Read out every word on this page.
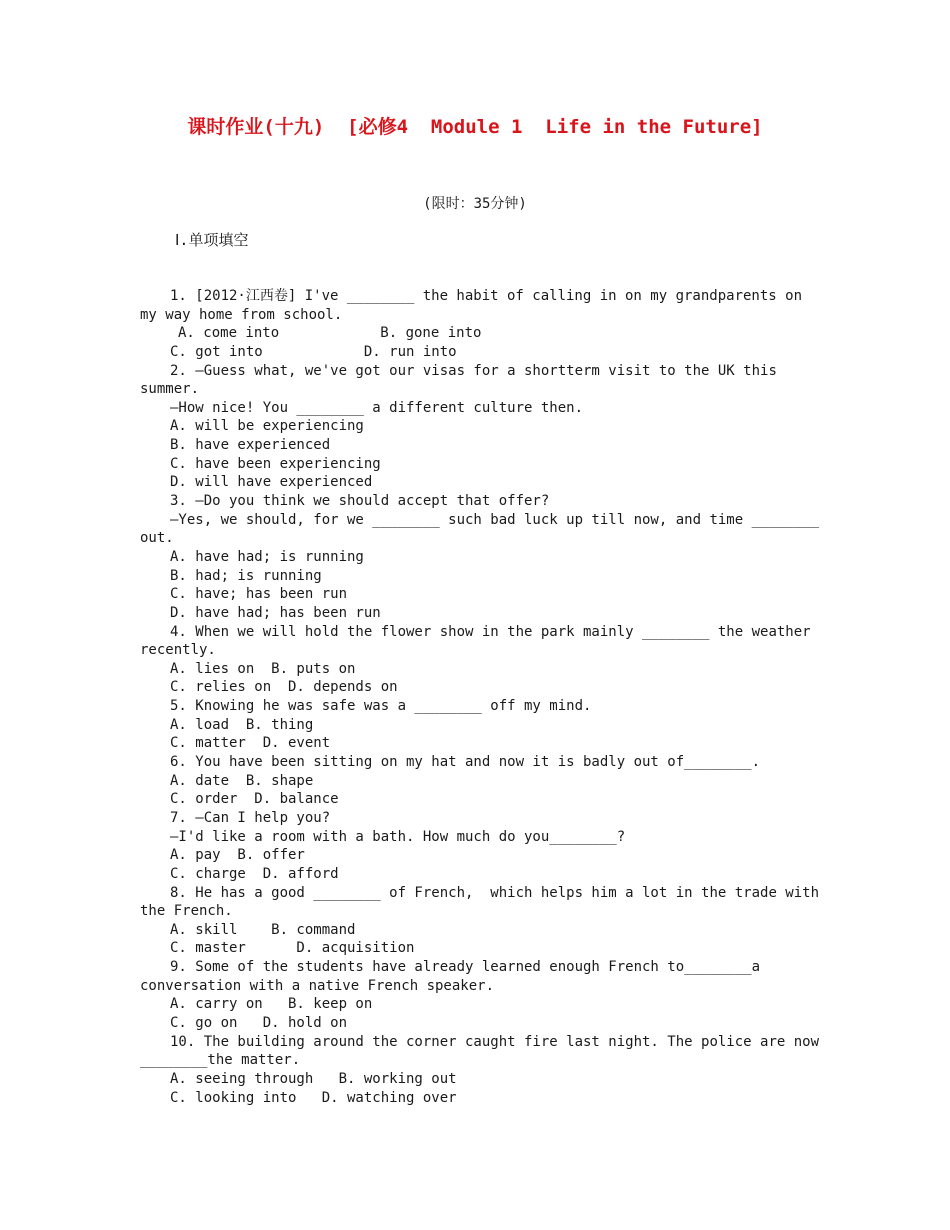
课时作业(十九)  [必修4  Module 1  Life in the Future]
(限时：35分钟)
Ⅰ.单项填空
1. [2012·江西卷] I've ________ the habit of calling in on my grandparents on
my way home from school.
A. come into            B. gone into
C. got into            D. run into
2. —Guess what, we've got our visas for a shortterm visit to the UK this
summer.
—How nice! You ________ a different culture then.
A. will be experiencing
B. have experienced
C. have been experiencing
D. will have experienced
3. —Do you think we should accept that offer?
—Yes, we should, for we ________ such bad luck up till now, and time ________
out.
A. have had; is running
B. had; is running
C. have; has been run
D. have had; has been run
4. When we will hold the flower show in the park mainly ________ the weather
recently.
A. lies on  B. puts on
C. relies on  D. depends on
5. Knowing he was safe was a ________ off my mind.
A. load  B. thing
C. matter  D. event
6. You have been sitting on my hat and now it is badly out of________.
A. date  B. shape
C. order  D. balance
7. —Can I help you?
—I'd like a room with a bath. How much do you________?
A. pay  B. offer
C. charge  D. afford
8. He has a good ________ of French,  which helps him a lot in the trade with
the French.
A. skill    B. command
C. master      D. acquisition
9. Some of the students have already learned enough French to________a
conversation with a native French speaker.
A. carry on   B. keep on
C. go on   D. hold on
10. The building around the corner caught fire last night. The police are now
________the matter.
A. seeing through   B. working out
C. looking into   D. watching over
